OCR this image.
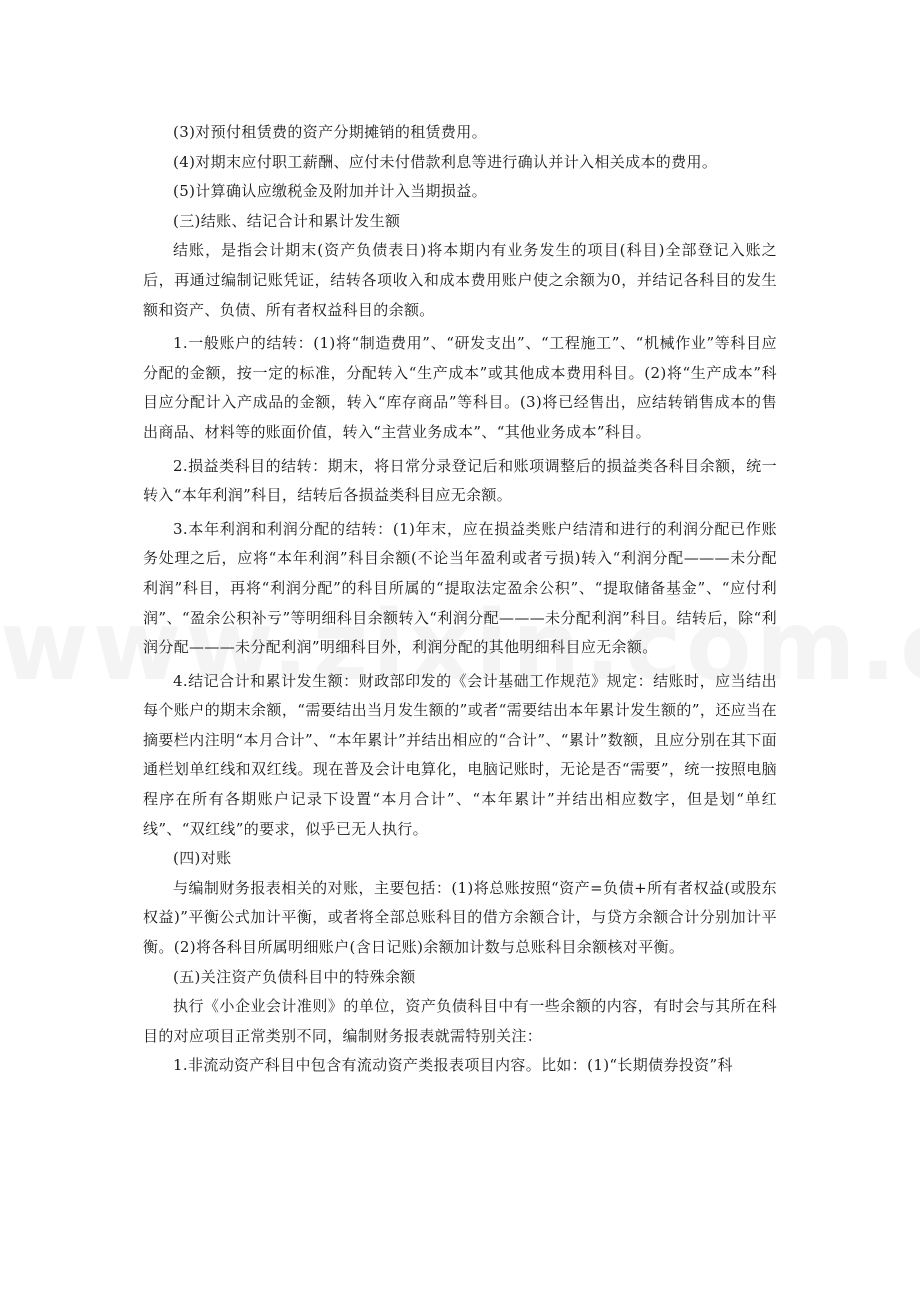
(3)对预付租赁费的资产分期摊销的租赁费用。

(4)对期末应付职工薪酬、应付未付借款利息等进行确认并计入相关成本的费用。

(5)计算确认应缴税金及附加并计入当期损益。

(三)结账、结记合计和累计发生额

结账，是指会计期末(资产负债表日)将本期内有业务发生的项目(科目)全部登记入账之后，再通过编制记账凭证，结转各项收入和成本费用账户使之余额为0，并结记各科目的发生额和资产、负债、所有者权益科目的余额。

1.一般账户的结转：(1)将“制造费用”、“研发支出”、“工程施工”、“机械作业”等科目应分配的金额，按一定的标准，分配转入“生产成本”或其他成本费用科目。(2)将“生产成本”科目应分配计入产成品的金额，转入“库存商品”等科目。(3)将已经售出，应结转销售成本的售出商品、材料等的账面价值，转入“主营业务成本”、“其他业务成本”科目。

2.损益类科目的结转：期末，将日常分录登记后和账项调整后的损益类各科目余额，统一转入“本年利润”科目，结转后各损益类科目应无余额。

3.本年利润和利润分配的结转：(1)年末，应在损益类账户结清和进行的利润分配已作账务处理之后，应将“本年利润”科目余额(不论当年盈利或者亏损)转入“利润分配———未分配利润”科目，再将“利润分配”的科目所属的“提取法定盈余公积”、“提取储备基金”、“应付利润”、“盈余公积补亏”等明细科目余额转入“利润分配———未分配利润”科目。结转后，除“利润分配———未分配利润”明细科目外，利润分配的其他明细科目应无余额。

4.结记合计和累计发生额：财政部印发的《会计基础工作规范》规定：结账时，应当结出每个账户的期末余额，“需要结出当月发生额的”或者“需要结出本年累计发生额的”，还应当在摘要栏内注明“本月合计”、“本年累计”并结出相应的“合计”、“累计”数额，且应分别在其下面通栏划单红线和双红线。现在普及会计电算化，电脑记账时，无论是否“需要”，统一按照电脑程序在所有各期账户记录下设置“本月合计”、“本年累计”并结出相应数字，但是划“单红线”、“双红线”的要求，似乎已无人执行。

(四)对账

与编制财务报表相关的对账，主要包括：(1)将总账按照“资产=负债+所有者权益(或股东权益)”平衡公式加计平衡，或者将全部总账科目的借方余额合计，与贷方余额合计分别加计平衡。(2)将各科目所属明细账户(含日记账)余额加计数与总账科目余额核对平衡。

(五)关注资产负债科目中的特殊余额

执行《小企业会计准则》的单位，资产负债科目中有一些余额的内容，有时会与其所在科目的对应项目正常类别不同，编制财务报表就需特别关注：

1.非流动资产科目中包含有流动资产类报表项目内容。比如：(1)“长期债券投资”科
